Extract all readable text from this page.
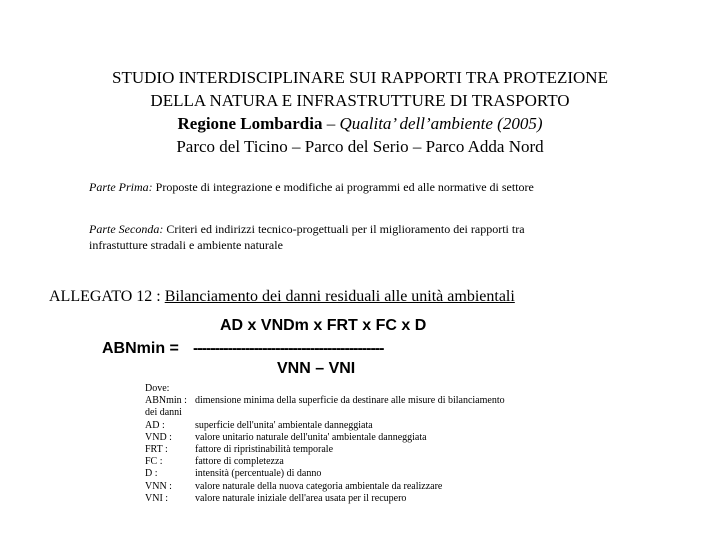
STUDIO INTERDISCIPLINARE SUI RAPPORTI TRA PROTEZIONE
DELLA NATURA E INFRASTRUTTURE DI TRASPORTO
Regione Lombardia – Qualita’ dell’ambiente (2005)
Parco del Ticino – Parco del Serio – Parco Adda Nord
Parte Prima: Proposte di integrazione e modifiche ai programmi ed alle normative di settore
Parte Seconda: Criteri ed indirizzi tecnico-progettuali per il miglioramento dei rapporti tra infrastutture stradali e ambiente naturale
ALLEGATO 12 : Bilanciamento dei danni residuali alle unità ambientali
AD x VNDm x FRT x FC x D
ABNmin = --------------------------------------------
VNN – VNI
Dove:
ABNmin : dimensione minima della superficie da destinare alle misure di bilanciamento
dei danni
AD :	superficie dell'unita' ambientale danneggiata
VND :	valore unitario naturale dell'unita' ambientale danneggiata
FRT :	fattore di ripristinabilità temporale
FC :	fattore di completezza
D :	intensità (percentuale) di danno
VNN :	valore naturale della nuova categoria ambientale da realizzare
VNI :	valore naturale iniziale dell'area usata per il recupero
